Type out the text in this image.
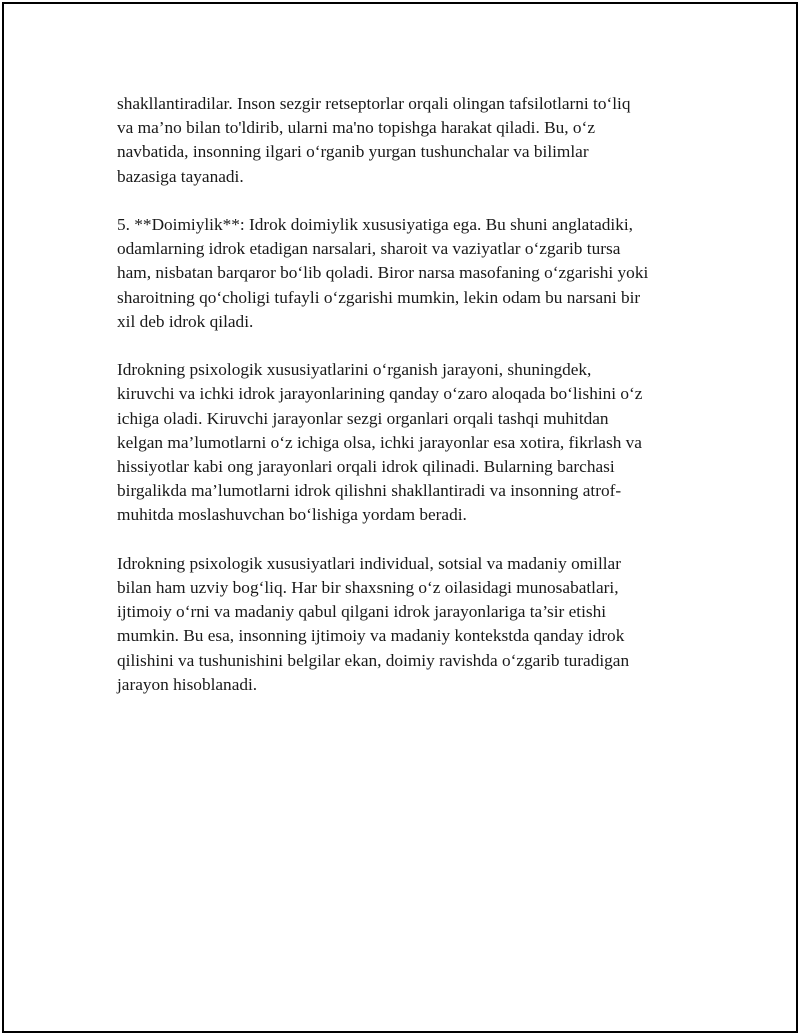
shakllantiradilar. Inson sezgir retseptorlar orqali olingan tafsilotlarni to‘liq
va ma’no bilan to'ldirib, ularni ma'no topishga harakat qiladi. Bu, o‘z
navbatida, insonning ilgari o‘rganib yurgan tushunchalar va bilimlar
bazasiga tayanadi.

5. **Doimiylik**: Idrok doimiylik xususiyatiga ega. Bu shuni anglatadiki,
odamlarning idrok etadigan narsalari, sharoit va vaziyatlar o‘zgarib tursa
ham, nisbatan barqaror bo‘lib qoladi. Biror narsa masofaning o‘zgarishi yoki
sharoitning qo‘choligi tufayli o‘zgarishi mumkin, lekin odam bu narsani bir
xil deb idrok qiladi.

Idrokning psixologik xususiyatlarini o‘rganish jarayoni, shuningdek,
kiruvchi va ichki idrok jarayonlarining qanday o‘zaro aloqada bo‘lishini o‘z
ichiga oladi. Kiruvchi jarayonlar sezgi organlari orqali tashqi muhitdan
kelgan ma’lumotlarni o‘z ichiga olsa, ichki jarayonlar esa xotira, fikrlash va
hissiyotlar kabi ong jarayonlari orqali idrok qilinadi. Bularning barchasi
birgalikda ma’lumotlarni idrok qilishni shakllantiradi va insonning atrof-
muhitda moslashuvchan bo‘lishiga yordam beradi.

Idrokning psixologik xususiyatlari individual, sotsial va madaniy omillar
bilan ham uzviy bog‘liq. Har bir shaxsning o‘z oilasidagi munosabatlari,
ijtimoiy o‘rni va madaniy qabul qilgani idrok jarayonlariga ta’sir etishi
mumkin. Bu esa, insonning ijtimoiy va madaniy kontekstda qanday idrok
qilishini va tushunishini belgilar ekan, doimiy ravishda o‘zgarib turadigan
jarayon hisoblanadi.
